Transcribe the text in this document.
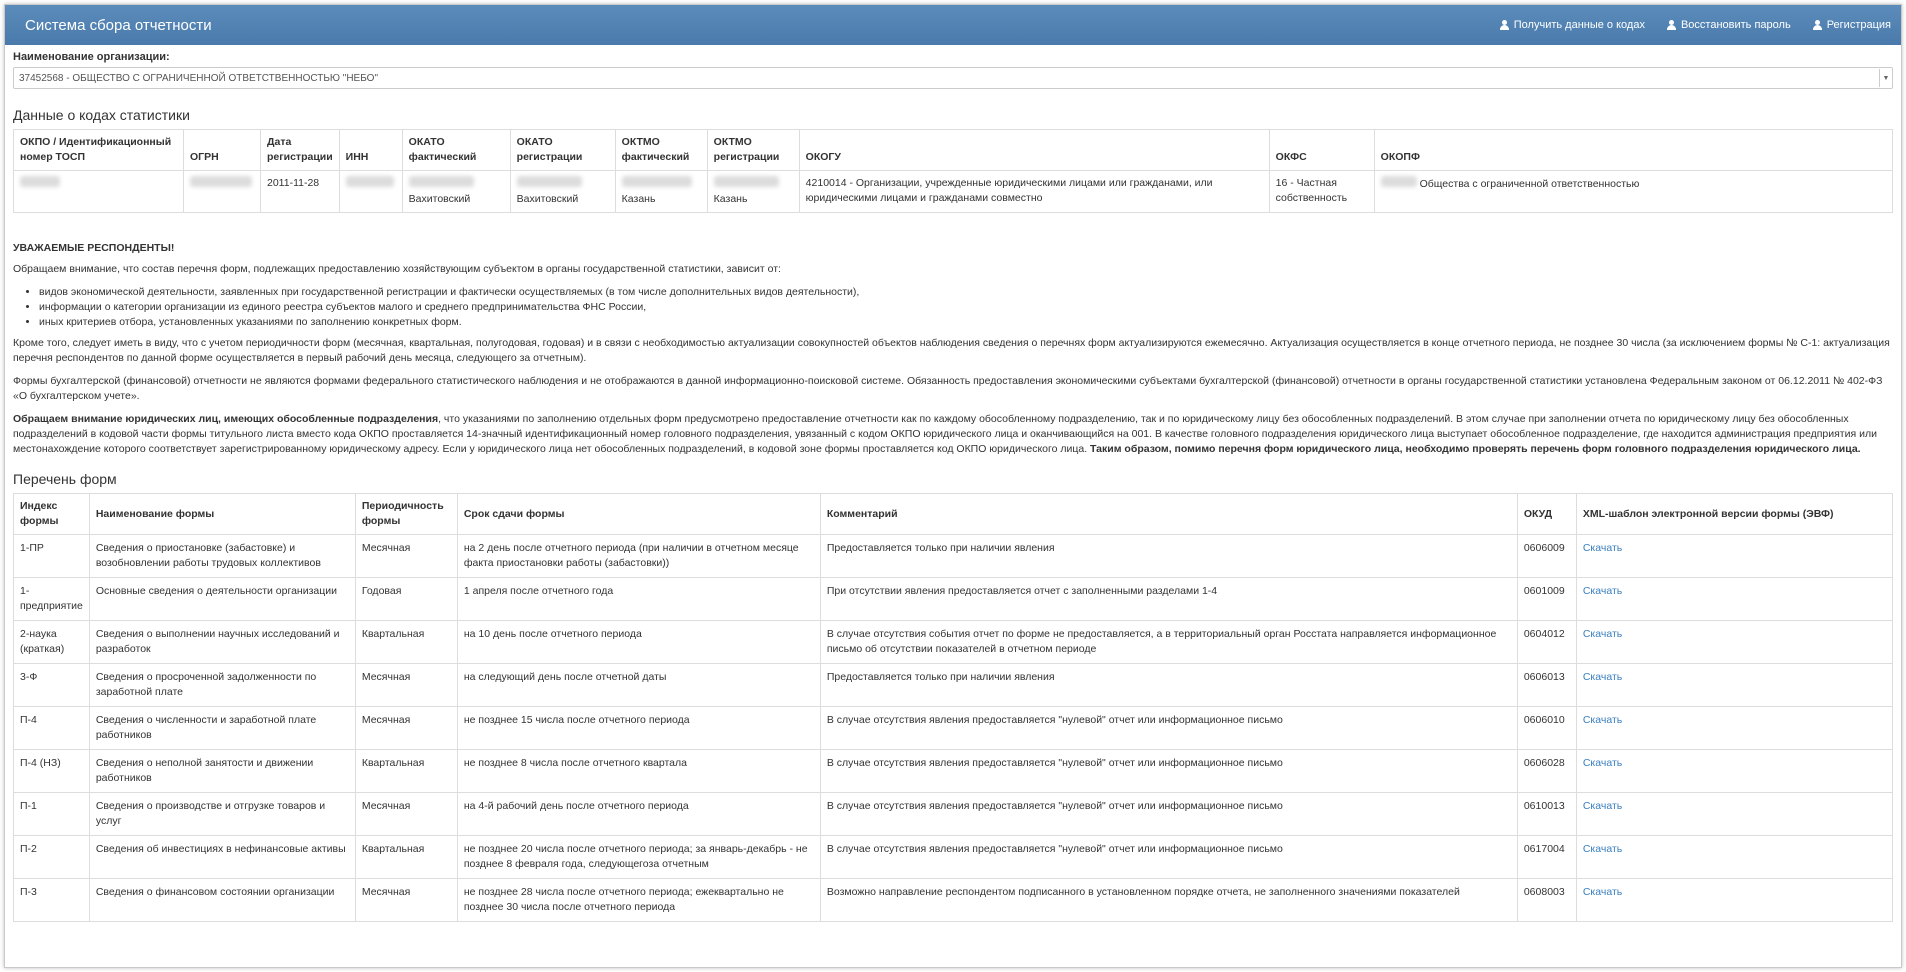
Система сбора отчетности	Получить данные о кодах	Восстановить пароль	Регистрация
Наименование организации:
37452568 - ОБЩЕСТВО С ОГРАНИЧЕННОЙ ОТВЕТСТВЕННОСТЬЮ "НЕБО"	▼
Данные о кодах статистики
ОКПО / Идентификационный номер ТОСП	ОГРН	Дата регистрации	ИНН	ОКАТО фактический	ОКАТО регистрации	ОКТМО фактический	ОКТМО регистрации	ОКОГУ	ОКФС	ОКОПФ
		2011-11-28		Вахитовский	Вахитовский	Казань	Казань	4210014 - Организации, учрежденные юридическими лицами или гражданами, или юридическими лицами и гражданами совместно	16 - Частная собственность	Общества с ограниченной ответственностью

УВАЖАЕМЫЕ РЕСПОНДЕНТЫ!

Обращаем внимание, что состав перечня форм, подлежащих предоставлению хозяйствующим субъектом в органы государственной статистики, зависит от:

• видов экономической деятельности, заявленных при государственной регистрации и фактически осуществляемых (в том числе дополнительных видов деятельности),
• информации о категории организации из единого реестра субъектов малого и среднего предпринимательства ФНС России,
• иных критериев отбора, установленных указаниями по заполнению конкретных форм.

Кроме того, следует иметь в виду, что с учетом периодичности форм (месячная, квартальная, полугодовая, годовая) и в связи с необходимостью актуализации совокупностей объектов наблюдения сведения о перечнях форм актуализируются ежемесячно. Актуализация осуществляется в конце отчетного периода, не позднее 30 числа (за исключением формы № С-1: актуализация перечня респондентов по данной форме осуществляется в первый рабочий день месяца, следующего за отчетным).

Формы бухгалтерской (финансовой) отчетности не являются формами федерального статистического наблюдения и не отображаются в данной информационно-поисковой системе. Обязанность предоставления экономическими субъектами бухгалтерской (финансовой) отчетности в органы государственной статистики установлена Федеральным законом от 06.12.2011 № 402-ФЗ «О бухгалтерском учете».

Обращаем внимание юридических лиц, имеющих обособленные подразделения, что указаниями по заполнению отдельных форм предусмотрено предоставление отчетности как по каждому обособленному подразделению, так и по юридическому лицу без обособленных подразделений. В этом случае при заполнении отчета по юридическому лицу без обособленных подразделений в кодовой части формы титульного листа вместо кода ОКПО проставляется 14-значный идентификационный номер головного подразделения, увязанный с кодом ОКПО юридического лица и оканчивающийся на 001. В качестве головного подразделения юридического лица выступает обособленное подразделение, где находится администрация предприятия или местонахождение которого соответствует зарегистрированному юридическому адресу. Если у юридического лица нет обособленных подразделений, в кодовой зоне формы проставляется код ОКПО юридического лица. Таким образом, помимо перечня форм юридического лица, необходимо проверять перечень форм головного подразделения юридического лица.

Перечень форм
Индекс формы	Наименование формы	Периодичность формы	Срок сдачи формы	Комментарий	ОКУД	XML-шаблон электронной версии формы (ЭВФ)
1-ПР	Сведения о приостановке (забастовке) и возобновлении работы трудовых коллективов	Месячная	на 2 день после отчетного периода (при наличии в отчетном месяце факта приостановки работы (забастовки))	Предоставляется только при наличии явления	0606009	Скачать
1-предприятие	Основные сведения о деятельности организации	Годовая	1 апреля после отчетного года	При отсутствии явления предоставляется отчет с заполненными разделами 1-4	0601009	Скачать
2-наука (краткая)	Сведения о выполнении научных исследований и разработок	Квартальная	на 10 день после отчетного периода	В случае отсутствия события отчет по форме не предоставляется, а в территориальный орган Росстата направляется информационное письмо об отсутствии показателей в отчетном периоде	0604012	Скачать
3-Ф	Сведения о просроченной задолженности по заработной плате	Месячная	на следующий день после отчетной даты	Предоставляется только при наличии явления	0606013	Скачать
П-4	Сведения о численности и заработной плате работников	Месячная	не позднее 15 числа после отчетного периода	В случае отсутствия явления предоставляется "нулевой" отчет или информационное письмо	0606010	Скачать
П-4 (НЗ)	Сведения о неполной занятости и движении работников	Квартальная	не позднее 8 числа после отчетного квартала	В случае отсутствия явления предоставляется "нулевой" отчет или информационное письмо	0606028	Скачать
П-1	Сведения о производстве и отгрузке товаров и услуг	Месячная	на 4-й рабочий день после отчетного периода	В случае отсутствия явления предоставляется "нулевой" отчет или информационное письмо	0610013	Скачать
П-2	Сведения об инвестициях в нефинансовые активы	Квартальная	не позднее 20 числа после отчетного периода; за январь-декабрь - не позднее 8 февраля года, следующегоза отчетным	В случае отсутствия явления предоставляется "нулевой" отчет или информационное письмо	0617004	Скачать
П-3	Сведения о финансовом состоянии организации	Месячная	не позднее 28 числа после отчетного периода; ежеквартально не позднее 30 числа после отчетного периода	Возможно направление респондентом подписанного в установленном порядке отчета, не заполненного значениями показателей	0608003	Скачать
